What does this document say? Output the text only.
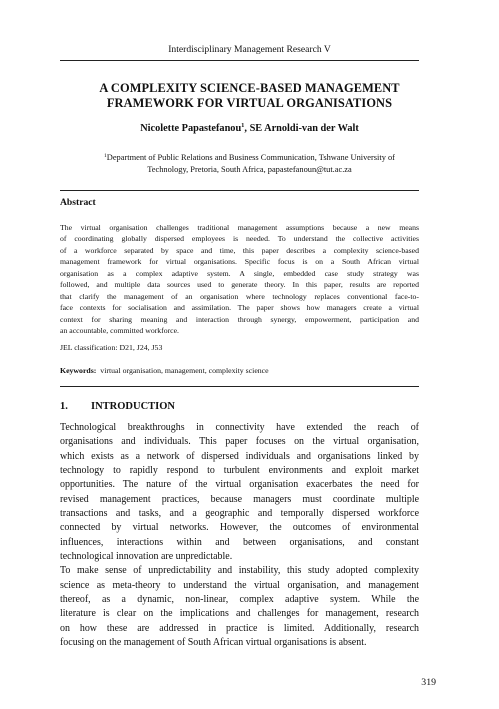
Interdisciplinary Management Research V
A COMPLEXITY SCIENCE-BASED MANAGEMENT
FRAMEWORK FOR VIRTUAL ORGANISATIONS
Nicolette Papastefanou$^1$, SE Arnoldi-van der Walt
$^1$Department of Public Relations and Business Communication, Tshwane University of
Technology, Pretoria, South Africa, papastefanoun@tut.ac.za
Abstract
The virtual organisation challenges traditional management assumptions because a new means
of coordinating globally dispersed employees is needed. To understand the collective activities
of a workforce separated by space and time, this paper describes a complexity science-based
management framework for virtual organisations. Specific focus is on a South African virtual
organisation as a complex adaptive system. A single, embedded case study strategy was
followed, and multiple data sources used to generate theory. In this paper, results are reported
that clarify the management of an organisation where technology replaces conventional face-to-
face contexts for socialisation and assimilation. The paper shows how managers create a virtual
context for sharing meaning and interaction through synergy, empowerment, participation and
an accountable, committed workforce.
JEL classification: D21, J24, J53
Keywords: virtual organisation, management, complexity science
1. INTRODUCTION
Technological breakthroughs in connectivity have extended the reach of
organisations and individuals. This paper focuses on the virtual organisation,
which exists as a network of dispersed individuals and organisations linked by
technology to rapidly respond to turbulent environments and exploit market
opportunities. The nature of the virtual organisation exacerbates the need for
revised management practices, because managers must coordinate multiple
transactions and tasks, and a geographic and temporally dispersed workforce
connected by virtual networks. However, the outcomes of environmental
influences, interactions within and between organisations, and constant
technological innovation are unpredictable.
To make sense of unpredictability and instability, this study adopted complexity
science as meta-theory to understand the virtual organisation, and management
thereof, as a dynamic, non-linear, complex adaptive system. While the
literature is clear on the implications and challenges for management, research
on how these are addressed in practice is limited. Additionally, research
focusing on the management of South African virtual organisations is absent.
319
